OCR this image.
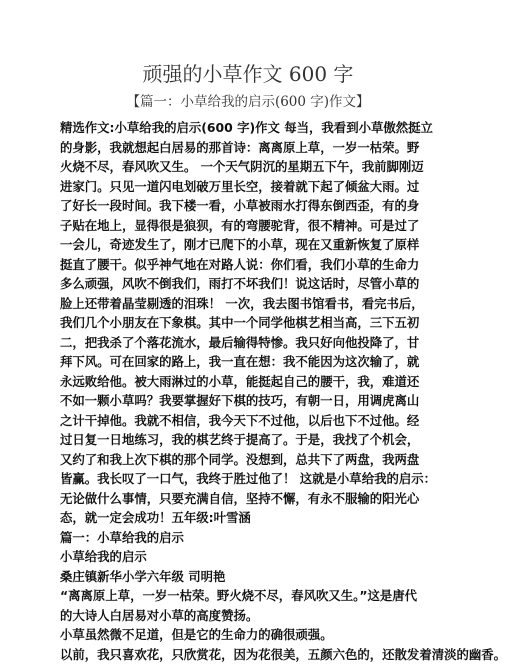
顽强的小草作文 600 字
【篇一：小草给我的启示(600 字)作文】
精选作文:小草给我的启示(600 字)作文 每当，我看到小草傲然挺立
的身影，我就想起白居易的那首诗：离离原上草，一岁一枯荣。野
火烧不尽，春风吹又生。 一个天气阴沉的星期五下午，我前脚刚迈
进家门。只见一道闪电划破万里长空，接着就下起了倾盆大雨。过
了好长一段时间。我下楼一看，小草被雨水打得东倒西歪，有的身
子贴在地上，显得很是狼狈，有的弯腰驼背，很不精神。可是过了
一会儿，奇迹发生了，刚才已爬下的小草，现在又重新恢复了原样
挺直了腰干。似乎神气地在对路人说：你们看，我们小草的生命力
多么顽强，风吹不倒我们，雨打不坏我们！说这话时，尽管小草的
脸上还带着晶莹剔透的泪珠！ 一次，我去图书馆看书，看完书后，
我们几个小朋友在下象棋。其中一个同学他棋艺相当高，三下五初
二，把我杀了个落花流水，最后输得特惨。我只好向他投降了，甘
拜下风。可在回家的路上，我一直在想：我不能因为这次输了，就
永远败给他。被大雨淋过的小草，能挺起自己的腰干，我，难道还
不如一颗小草吗？我要掌握好下棋的技巧，有朝一日，用调虎离山
之计干掉他。我就不相信，我今天下不过他，以后也下不过他。经
过日复一日地练习，我的棋艺终于提高了。于是，我找了个机会，
又约了和我上次下棋的那个同学。没想到，总共下了两盘，我两盘
皆赢。我长叹了一口气，我终于胜过他了！ 这就是小草给我的启示：
无论做什么事情，只要充满自信，坚持不懈，有永不服输的阳光心
态，就一定会成功！五年级:叶雪涵
篇一：小草给我的启示
小草给我的启示
桑庄镇新华小学六年级 司明艳
“离离原上草，一岁一枯荣。野火烧不尽，春风吹又生。”这是唐代
的大诗人白居易对小草的高度赞扬。
小草虽然微不足道，但是它的生命力的确很顽强。
以前，我只喜欢花，只欣赏花，因为花很美，五颜六色的，还散发着清淡的幽香。
